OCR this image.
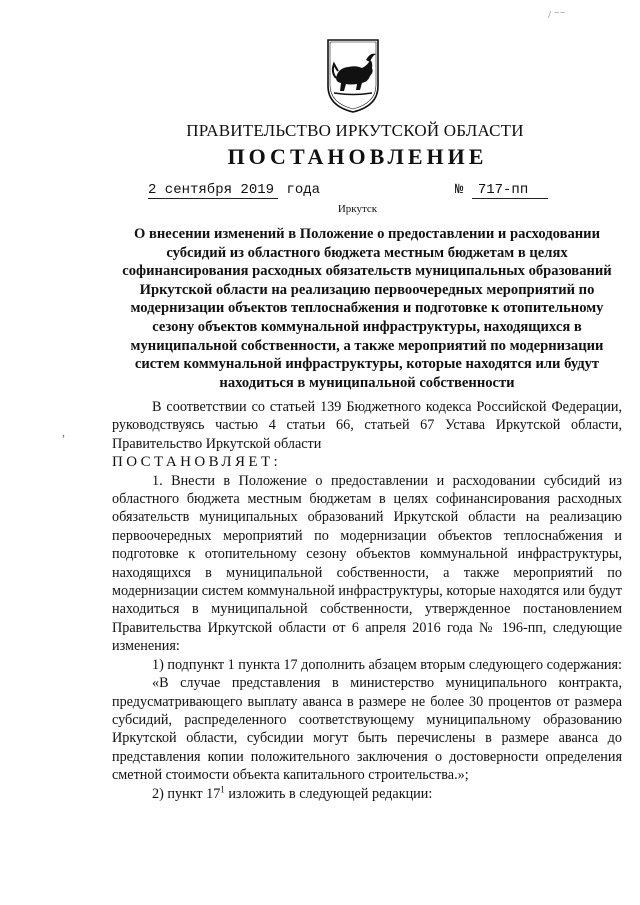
/ ⁻⁻
,
ПРАВИТЕЛЬСТВО ИРКУТСКОЙ ОБЛАСТИ
ПОСТАНОВЛЕНИЕ
2 сентября 2019 года	№ 717-пп
Иркутск
О внесении изменений в Положение о предоставлении и расходовании субсидий из областного бюджета местным бюджетам в целях софинансирования расходных обязательств муниципальных образований Иркутской области на реализацию первоочередных мероприятий по модернизации объектов теплоснабжения и подготовке к отопительному сезону объектов коммунальной инфраструктуры, находящихся в муниципальной собственности, а также мероприятий по модернизации систем коммунальной инфраструктуры, которые находятся или будут находиться в муниципальной собственности

В соответствии со статьей 139 Бюджетного кодекса Российской Федерации, руководствуясь частью 4 статьи 66, статьей 67 Устава Иркутской области, Правительство Иркутской области

ПОСТАНОВЛЯЕТ:

1. Внести в Положение о предоставлении и расходовании субсидий из областного бюджета местным бюджетам в целях софинансирования расходных обязательств муниципальных образований Иркутской области на реализацию первоочередных мероприятий по модернизации объектов теплоснабжения и подготовке к отопительному сезону объектов коммунальной инфраструктуры, находящихся в муниципальной собственности, а также мероприятий по модернизации систем коммунальной инфраструктуры, которые находятся или будут находиться в муниципальной собственности, утвержденное постановлением Правительства Иркутской области от 6 апреля 2016 года № 196-пп, следующие изменения:

1) подпункт 1 пункта 17 дополнить абзацем вторым следующего содержания:

«В случае представления в министерство муниципального контракта, предусматривающего выплату аванса в размере не более 30 процентов от размера субсидий, распределенного соответствующему муниципальному образованию Иркутской области, субсидии могут быть перечислены в размере аванса до представления копии положительного заключения о достоверности определения сметной стоимости объекта капитального строительства.»;

2) пункт $17^1$ изложить в следующей редакции:
